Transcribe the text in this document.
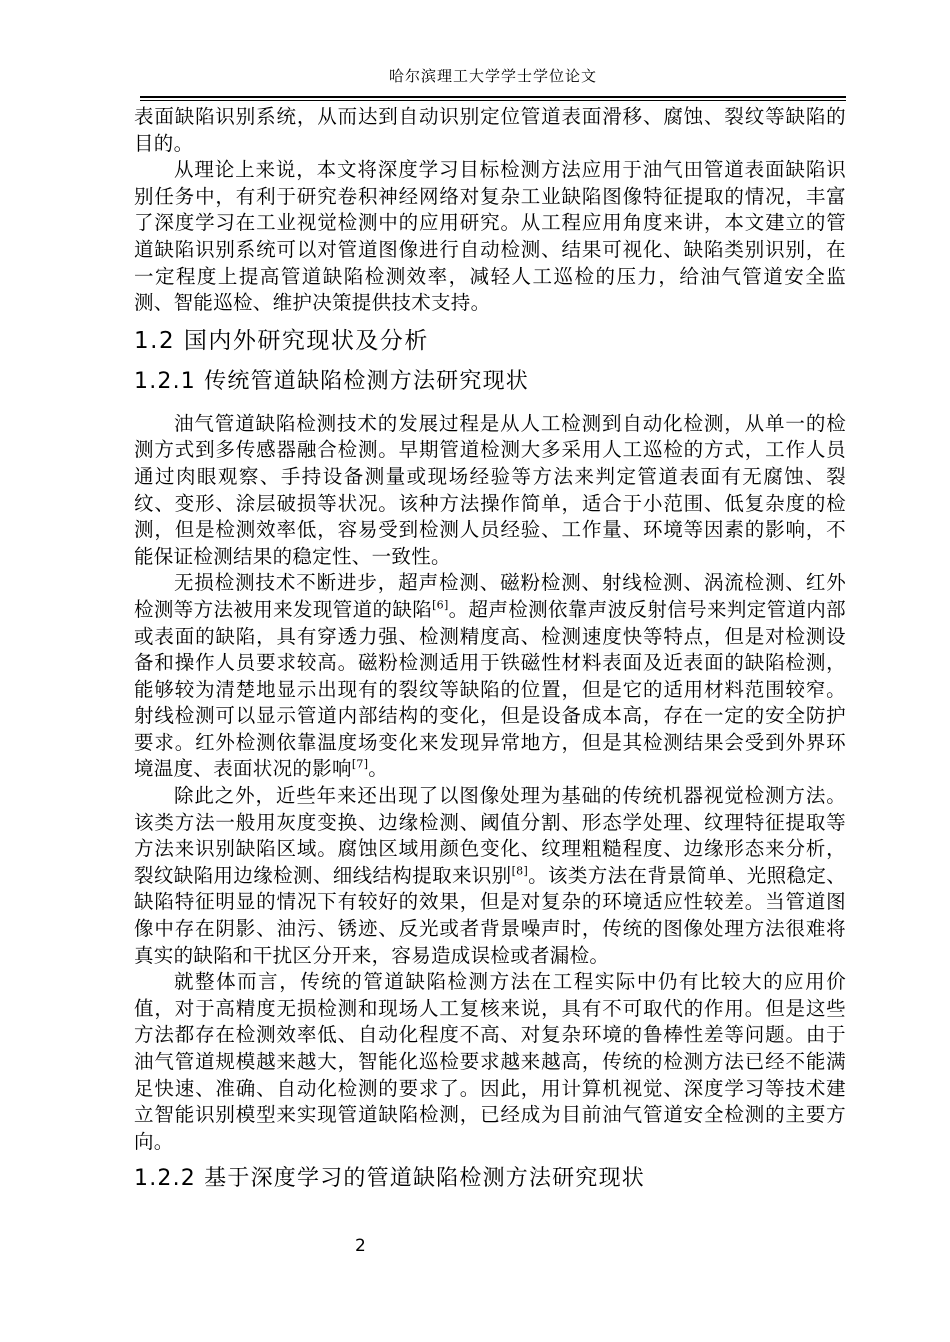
哈尔滨理工大学学士学位论文

表面缺陷识别系统，从而达到自动识别定位管道表面滑移、腐蚀、裂纹等缺陷的目的。

从理论上来说，本文将深度学习目标检测方法应用于油气田管道表面缺陷识别任务中，有利于研究卷积神经网络对复杂工业缺陷图像特征提取的情况，丰富了深度学习在工业视觉检测中的应用研究。从工程应用角度来讲，本文建立的管道缺陷识别系统可以对管道图像进行自动检测、结果可视化、缺陷类别识别，在一定程度上提高管道缺陷检测效率，减轻人工巡检的压力，给油气管道安全监测、智能巡检、维护决策提供技术支持。

1.2 国内外研究现状及分析
1.2.1 传统管道缺陷检测方法研究现状

油气管道缺陷检测技术的发展过程是从人工检测到自动化检测，从单一的检测方式到多传感器融合检测。早期管道检测大多采用人工巡检的方式，工作人员通过肉眼观察、手持设备测量或现场经验等方法来判定管道表面有无腐蚀、裂纹、变形、涂层破损等状况。该种方法操作简单，适合于小范围、低复杂度的检测，但是检测效率低，容易受到检测人员经验、工作量、环境等因素的影响，不能保证检测结果的稳定性、一致性。

无损检测技术不断进步，超声检测、磁粉检测、射线检测、涡流检测、红外检测等方法被用来发现管道的缺陷[6]。超声检测依靠声波反射信号来判定管道内部或表面的缺陷，具有穿透力强、检测精度高、检测速度快等特点，但是对检测设备和操作人员要求较高。磁粉检测适用于铁磁性材料表面及近表面的缺陷检测，能够较为清楚地显示出现有的裂纹等缺陷的位置，但是它的适用材料范围较窄。射线检测可以显示管道内部结构的变化，但是设备成本高，存在一定的安全防护要求。红外检测依靠温度场变化来发现异常地方，但是其检测结果会受到外界环境温度、表面状况的影响[7]。

除此之外，近些年来还出现了以图像处理为基础的传统机器视觉检测方法。该类方法一般用灰度变换、边缘检测、阈值分割、形态学处理、纹理特征提取等方法来识别缺陷区域。腐蚀区域用颜色变化、纹理粗糙程度、边缘形态来分析，裂纹缺陷用边缘检测、细线结构提取来识别[8]。该类方法在背景简单、光照稳定、缺陷特征明显的情况下有较好的效果，但是对复杂的环境适应性较差。当管道图像中存在阴影、油污、锈迹、反光或者背景噪声时，传统的图像处理方法很难将真实的缺陷和干扰区分开来，容易造成误检或者漏检。

就整体而言，传统的管道缺陷检测方法在工程实际中仍有比较大的应用价值，对于高精度无损检测和现场人工复核来说，具有不可取代的作用。但是这些方法都存在检测效率低、自动化程度不高、对复杂环境的鲁棒性差等问题。由于油气管道规模越来越大，智能化巡检要求越来越高，传统的检测方法已经不能满足快速、准确、自动化检测的要求了。因此，用计算机视觉、深度学习等技术建立智能识别模型来实现管道缺陷检测，已经成为目前油气管道安全检测的主要方向。

1.2.2 基于深度学习的管道缺陷检测方法研究现状
2
